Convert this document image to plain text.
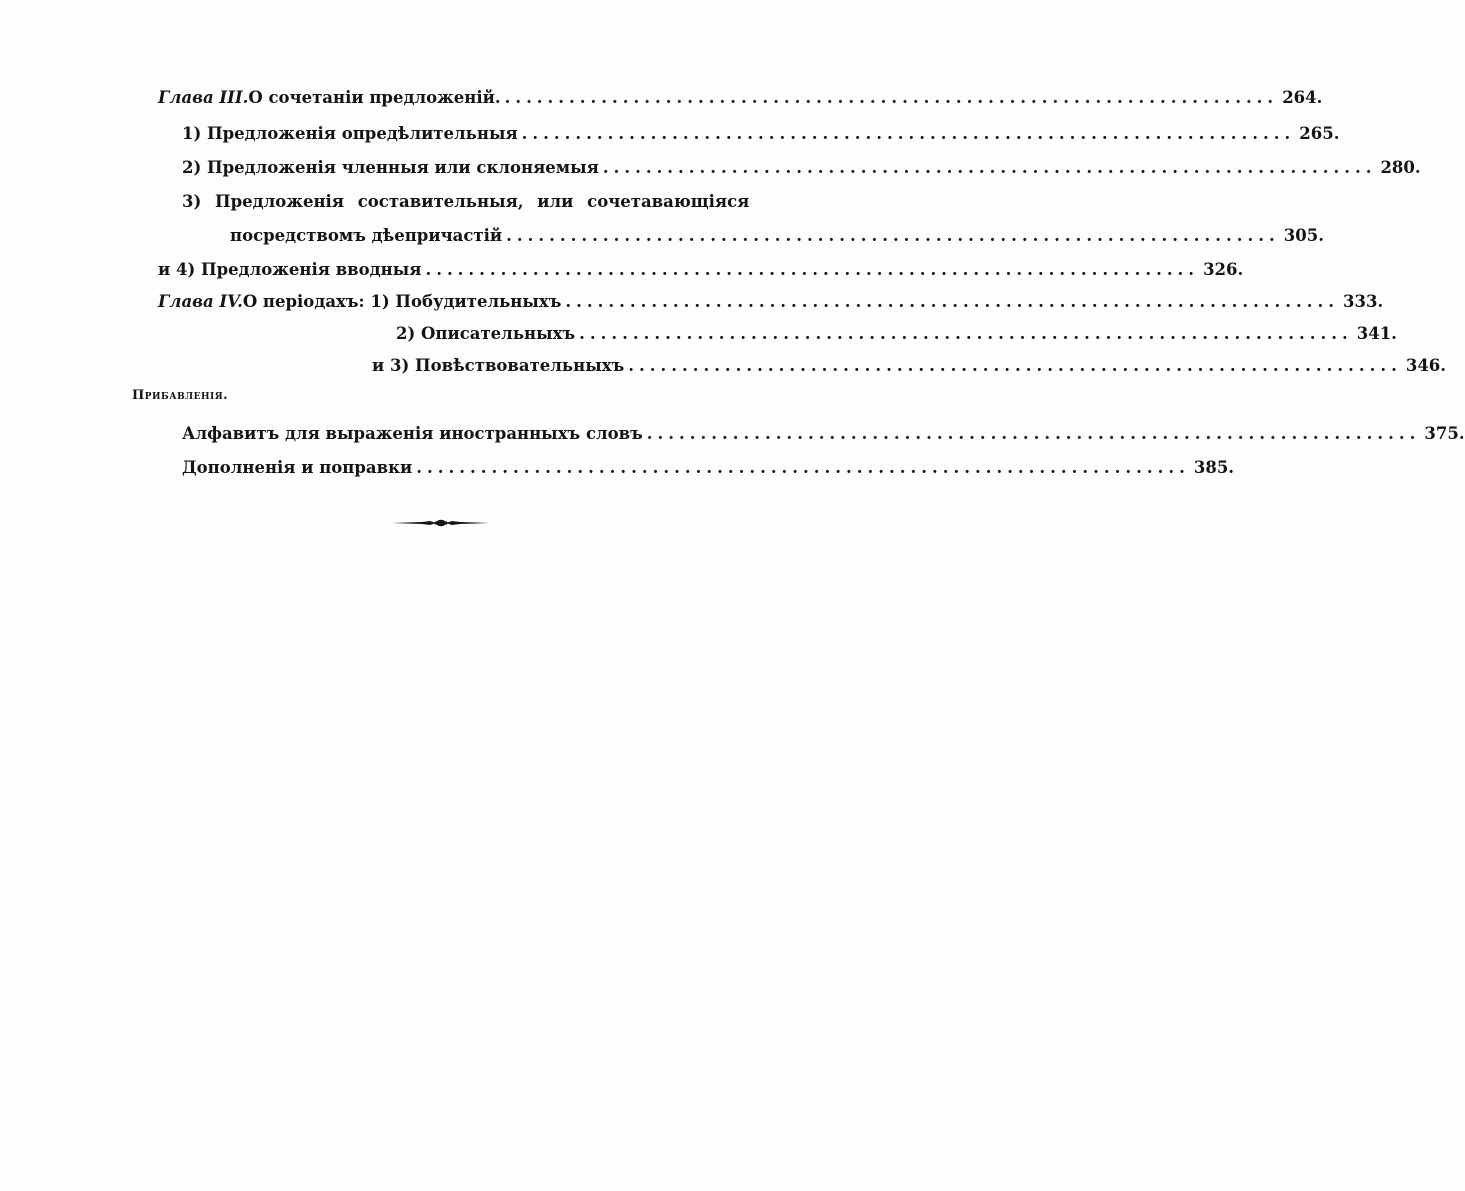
Глава III. О сочетаніи предложеній. ........................................................................ 264.
1) Предложенія опредѣлительныя ........................................................................ 265.
2) Предложенія членныя или склоняемыя ........................................................................ 280.
3) Предложенія составительныя, или сочетавающіяся
посредствомъ дѣепричастій ........................................................................ 305.
и 4) Предложенія вводныя ........................................................................ 326.
Глава IV. О періодахъ: 1) Побудительныхъ ........................................................................ 333.
2) Описательныхъ ........................................................................ 341.
и 3) Повѣствовательныхъ ........................................................................ 346.
Прибавленія.
Алфавитъ для выраженія иностранныхъ словъ ........................................................................ 375.
Дополненія и поправки ........................................................................ 385.
